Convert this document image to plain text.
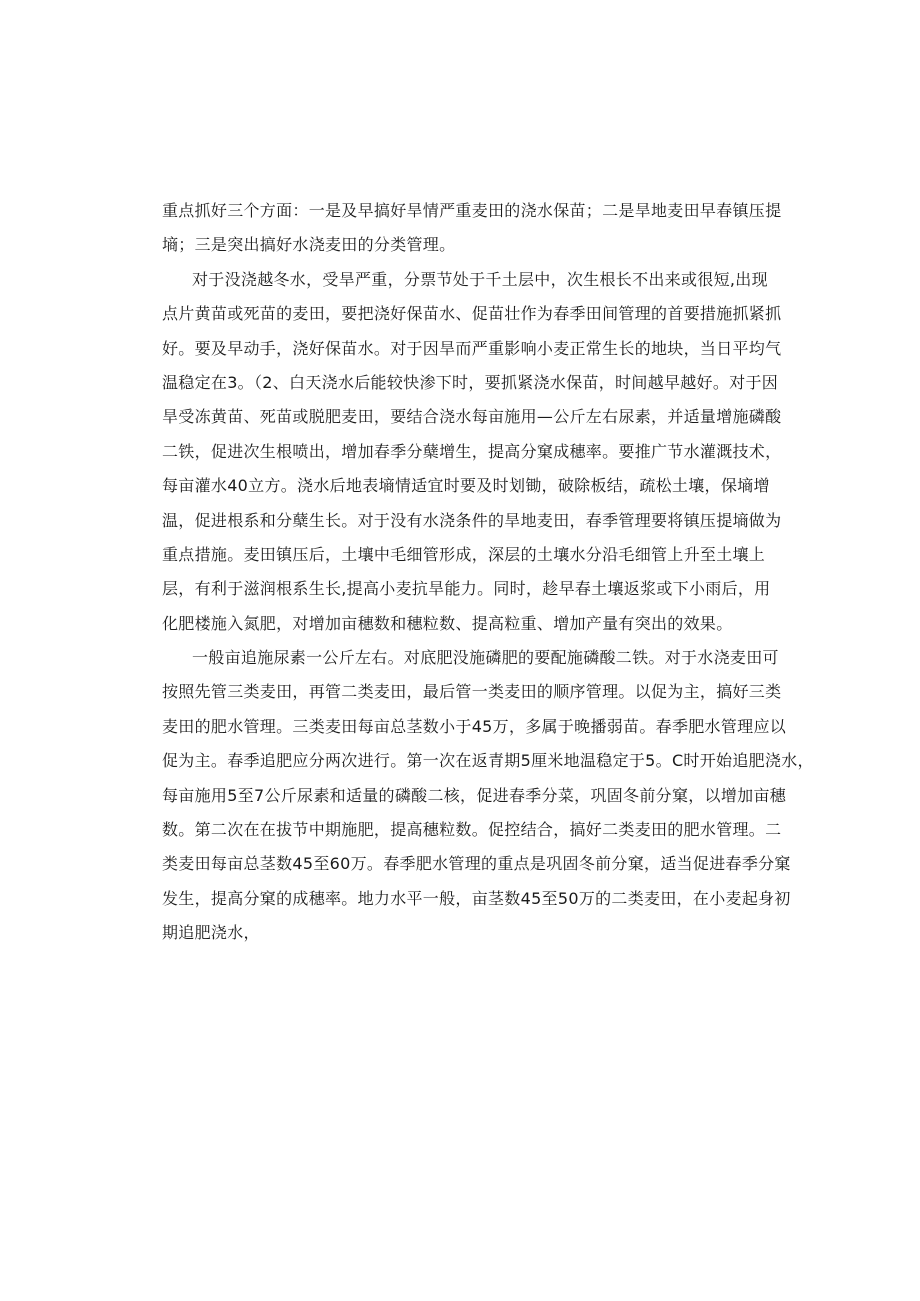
重点抓好三个方面：一是及早搞好旱情严重麦田的浇水保苗；二是旱地麦田早春镇压提
墒；三是突出搞好水浇麦田的分类管理。
对于没浇越冬水，受旱严重，分票节处于千土层中，次生根长不出来或很短,出现
点片黄苗或死苗的麦田，要把浇好保苗水、促苗壮作为春季田间管理的首要措施抓紧抓
好。要及早动手，浇好保苗水。对于因旱而严重影响小麦正常生长的地块，当日平均气
温稳定在3。（2、白天浇水后能较快渗下时，要抓紧浇水保苗，时间越早越好。对于因
旱受冻黄苗、死苗或脱肥麦田，要结合浇水每亩施用—公斤左右尿素，并适量增施磷酸
二铁，促进次生根喷出，增加春季分蘖增生，提高分窠成穗率。要推广节水灌溉技术，
每亩灌水40立方。浇水后地表墒情适宜时要及时划锄，破除板结，疏松土壤，保墒增
温，促进根系和分蘖生长。对于没有水浇条件的旱地麦田，春季管理要将镇压提墒做为
重点措施。麦田镇压后，土壤中毛细管形成，深层的土壤水分沿毛细管上升至土壤上
层，有利于滋润根系生长,提高小麦抗旱能力。同时，趁早春土壤返浆或下小雨后，用
化肥楼施入氮肥，对增加亩穗数和穗粒数、提高粒重、增加产量有突出的效果。
一般亩追施尿素一公斤左右。对底肥没施磷肥的要配施磷酸二铁。对于水浇麦田可
按照先管三类麦田，再管二类麦田，最后管一类麦田的顺序管理。以促为主，搞好三类
麦田的肥水管理。三类麦田每亩总茎数小于45万，多属于晚播弱苗。春季肥水管理应以
促为主。春季追肥应分两次进行。第一次在返青期5厘米地温稳定于5。C时开始追肥浇水，
每亩施用5至7公斤尿素和适量的磷酸二核，促进春季分菜，巩固冬前分窠，以增加亩穗
数。第二次在在拔节中期施肥，提高穗粒数。促控结合，搞好二类麦田的肥水管理。二
类麦田每亩总茎数45至60万。春季肥水管理的重点是巩固冬前分窠，适当促进春季分窠
发生，提高分窠的成穗率。地力水平一般，亩茎数45至50万的二类麦田，在小麦起身初
期追肥浇水，
